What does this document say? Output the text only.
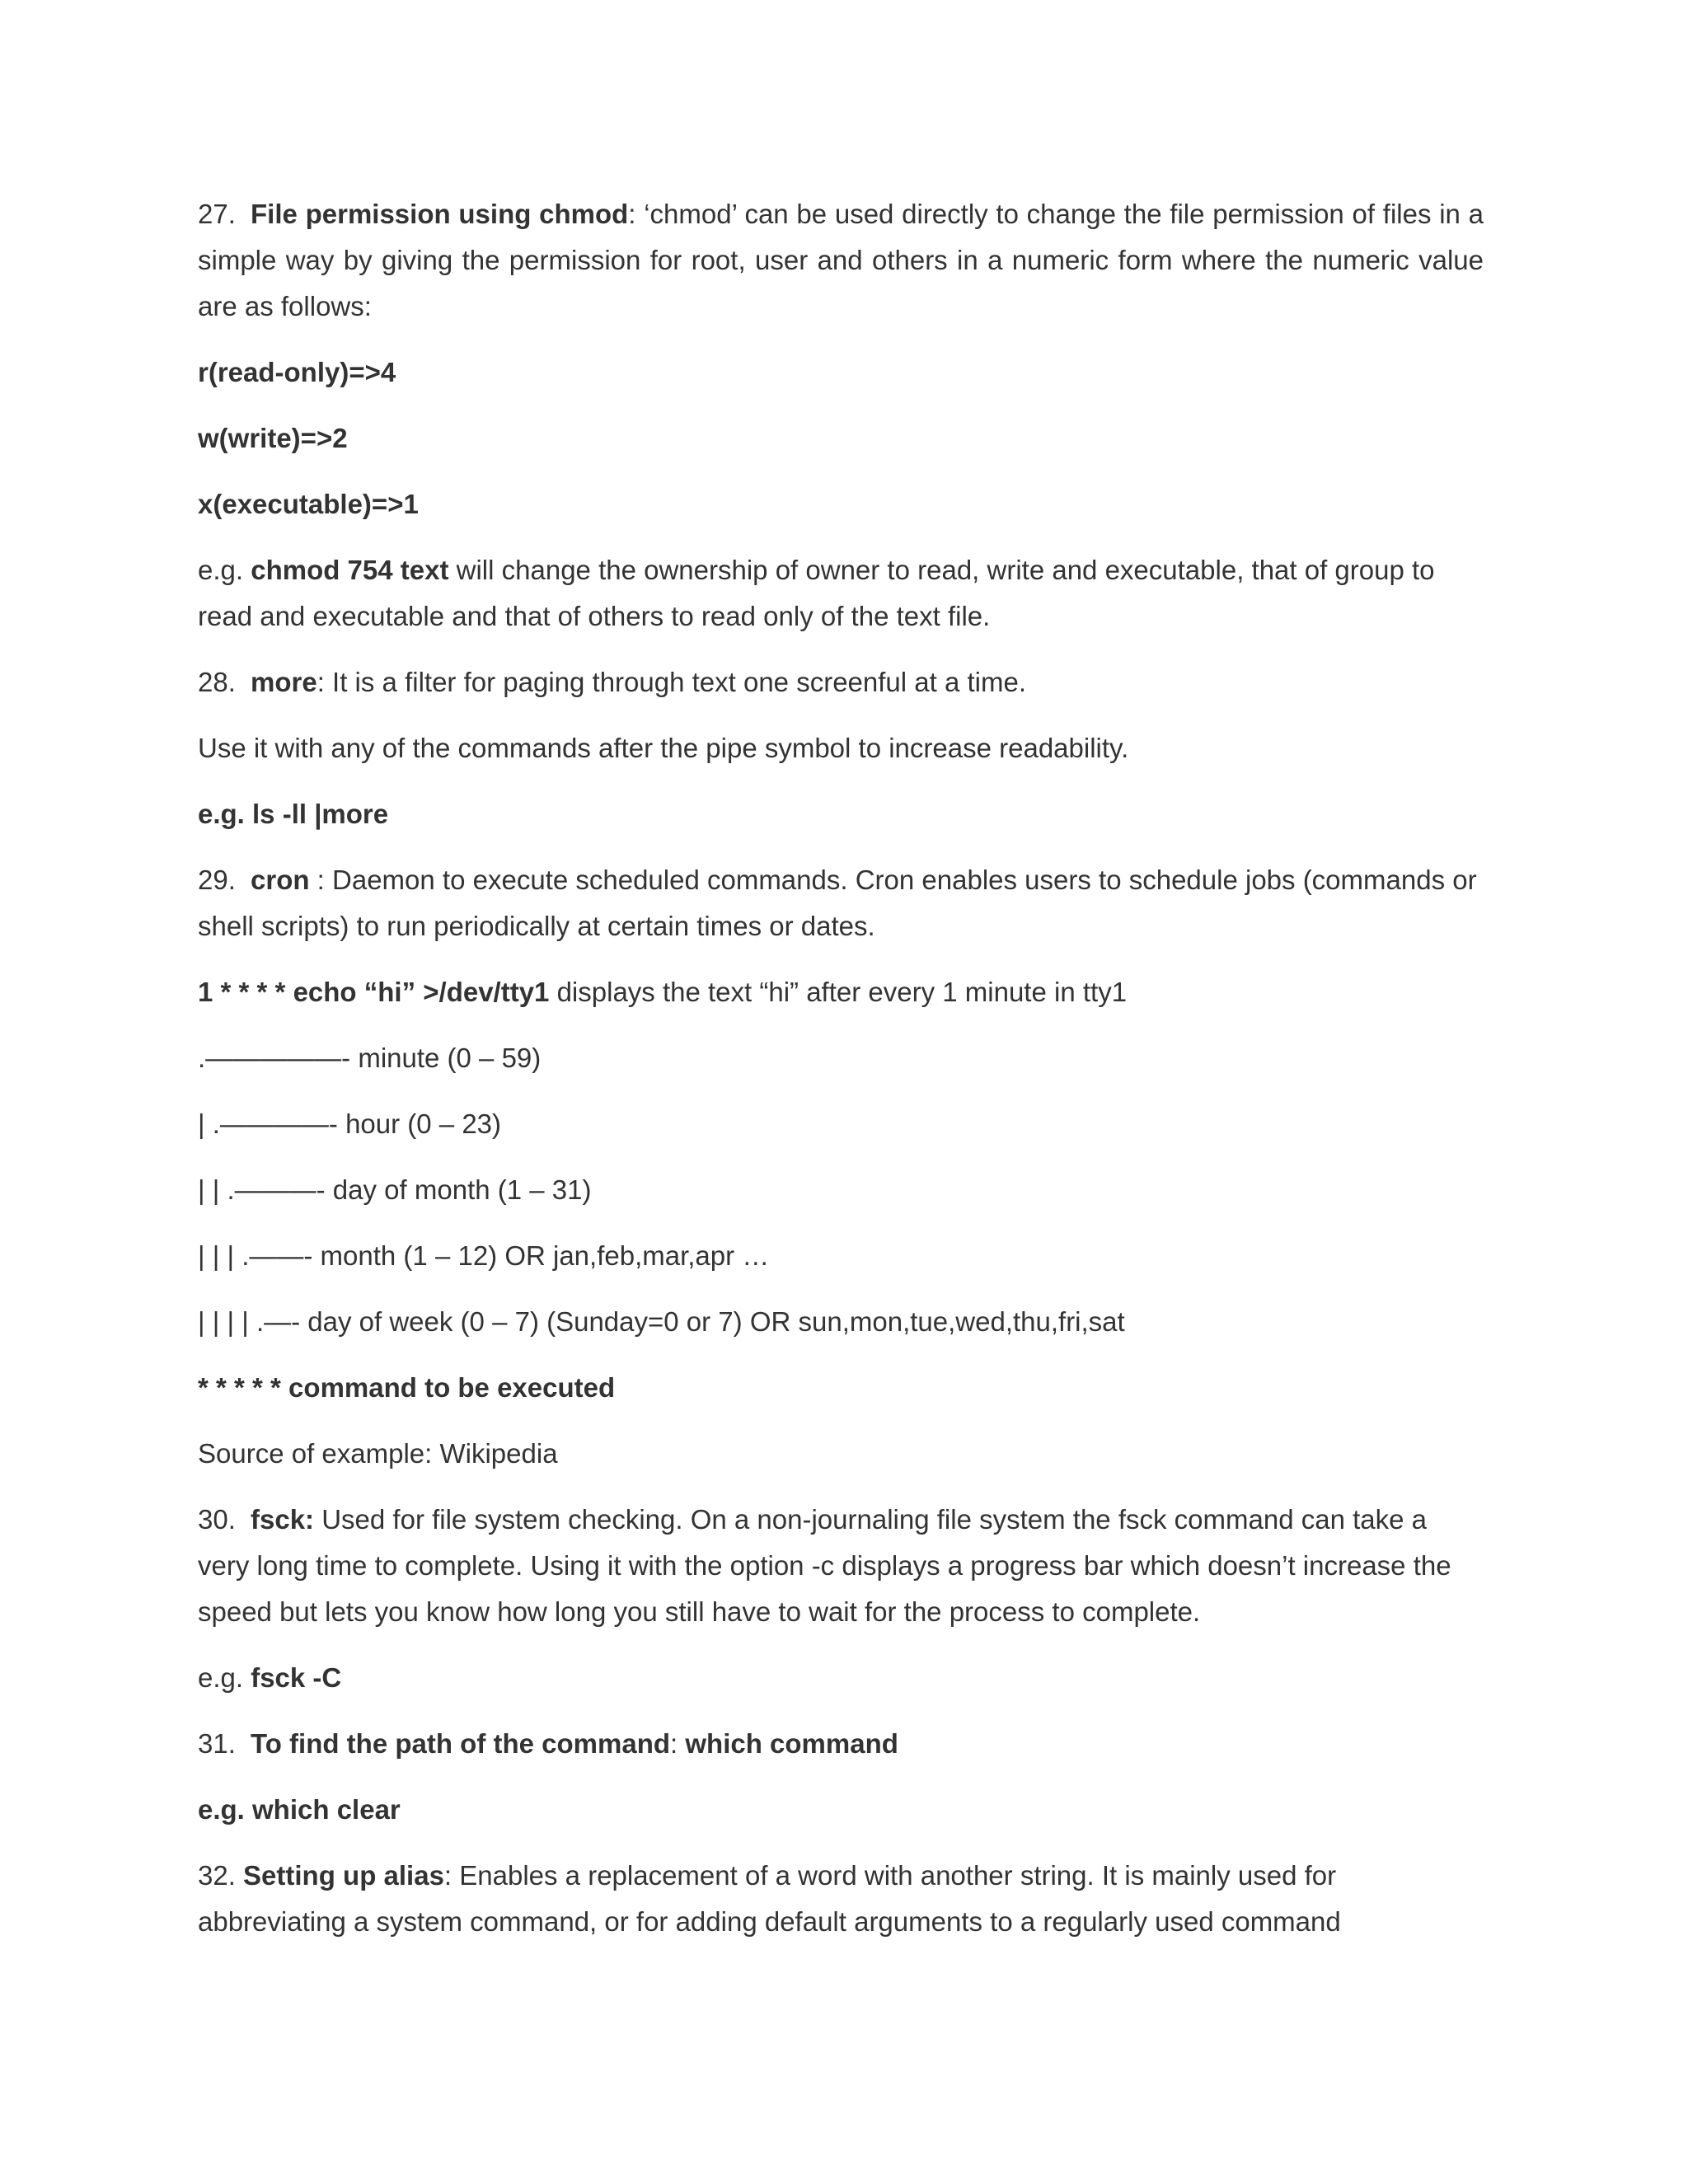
27. File permission using chmod: ‘chmod’ can be used directly to change the file permission of files in a simple way by giving the permission for root, user and others in a numeric form where the numeric value are as follows:

r(read-only)=>4

w(write)=>2

x(executable)=>1

e.g. chmod 754 text will change the ownership of owner to read, write and executable, that of group to read and executable and that of others to read only of the text file.

28. more: It is a filter for paging through text one screenful at a time.

Use it with any of the commands after the pipe symbol to increase readability.

e.g. ls -ll |more

29. cron : Daemon to execute scheduled commands. Cron enables users to schedule jobs (commands or shell scripts) to run periodically at certain times or dates.

1 * * * * echo “hi” >/dev/tty1 displays the text “hi” after every 1 minute in tty1

.—————- minute (0 – 59)

| .————- hour (0 – 23)

| | .———- day of month (1 – 31)

| | | .——- month (1 – 12) OR jan,feb,mar,apr …

| | | | .—- day of week (0 – 7) (Sunday=0 or 7) OR sun,mon,tue,wed,thu,fri,sat

* * * * * command to be executed

Source of example: Wikipedia

30. fsck: Used for file system checking. On a non-journaling file system the fsck command can take a very long time to complete. Using it with the option -c displays a progress bar which doesn’t increase the speed but lets you know how long you still have to wait for the process to complete.

e.g. fsck -C

31. To find the path of the command: which command

e.g. which clear

32. Setting up alias: Enables a replacement of a word with another string. It is mainly used for abbreviating a system command, or for adding default arguments to a regularly used command
